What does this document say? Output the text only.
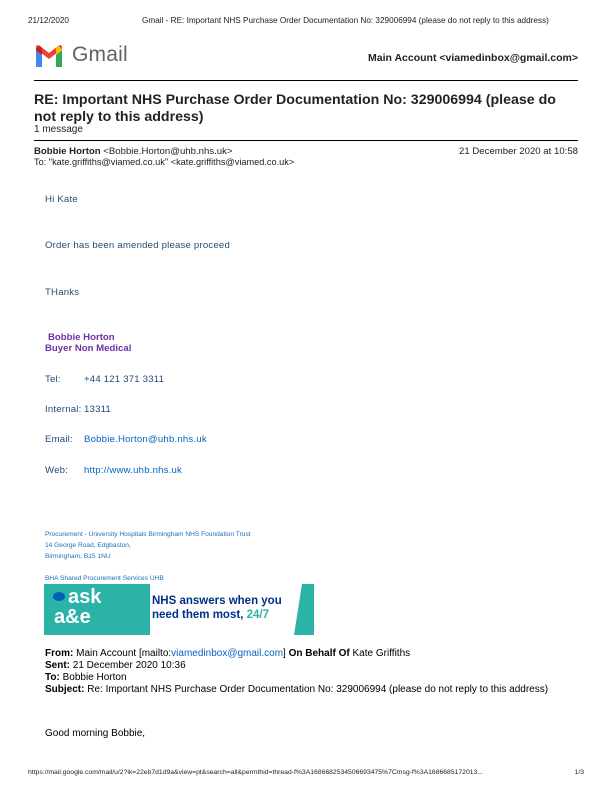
21/12/2020	Gmail - RE: Important NHS Purchase Order Documentation No: 329006994 (please do not reply to this address)
Gmail	Main Account <viamedinbox@gmail.com>
RE: Important NHS Purchase Order Documentation No: 329006994 (please do not reply to this address)
1 message
Bobbie Horton <Bobbie.Horton@uhb.nhs.uk>	21 December 2020 at 10:58
To: "kate.griffiths@viamed.co.uk" <kate.griffiths@viamed.co.uk>
Hi Kate
Order has been amended please proceed
THanks
Bobbie Horton
Buyer Non Medical
Tel: +44 121 371 3311
Internal: 13311
Email: Bobbie.Horton@uhb.nhs.uk
Web: http://www.uhb.nhs.uk
Procurement - University Hospitals Birmingham NHS Foundation Trust
14 George Road, Edgbaston,
Birmingham, B15 1NU
BHA Shared Procurement Services UHB
ask
a&e
NHS answers when you
need them most, 24/7
From: Main Account [mailto:viamedinbox@gmail.com] On Behalf Of Kate Griffiths
Sent: 21 December 2020 10:36
To: Bobbie Horton
Subject: Re: Important NHS Purchase Order Documentation No: 329006994 (please do not reply to this address)
Good morning Bobbie,
https://mail.google.com/mail/u/2?ik=22eb7d1d9a&view=pt&search=all&permthid=thread-f%3A1686682534506693475%7Cmsg-f%3A1686685172013...	1/3
